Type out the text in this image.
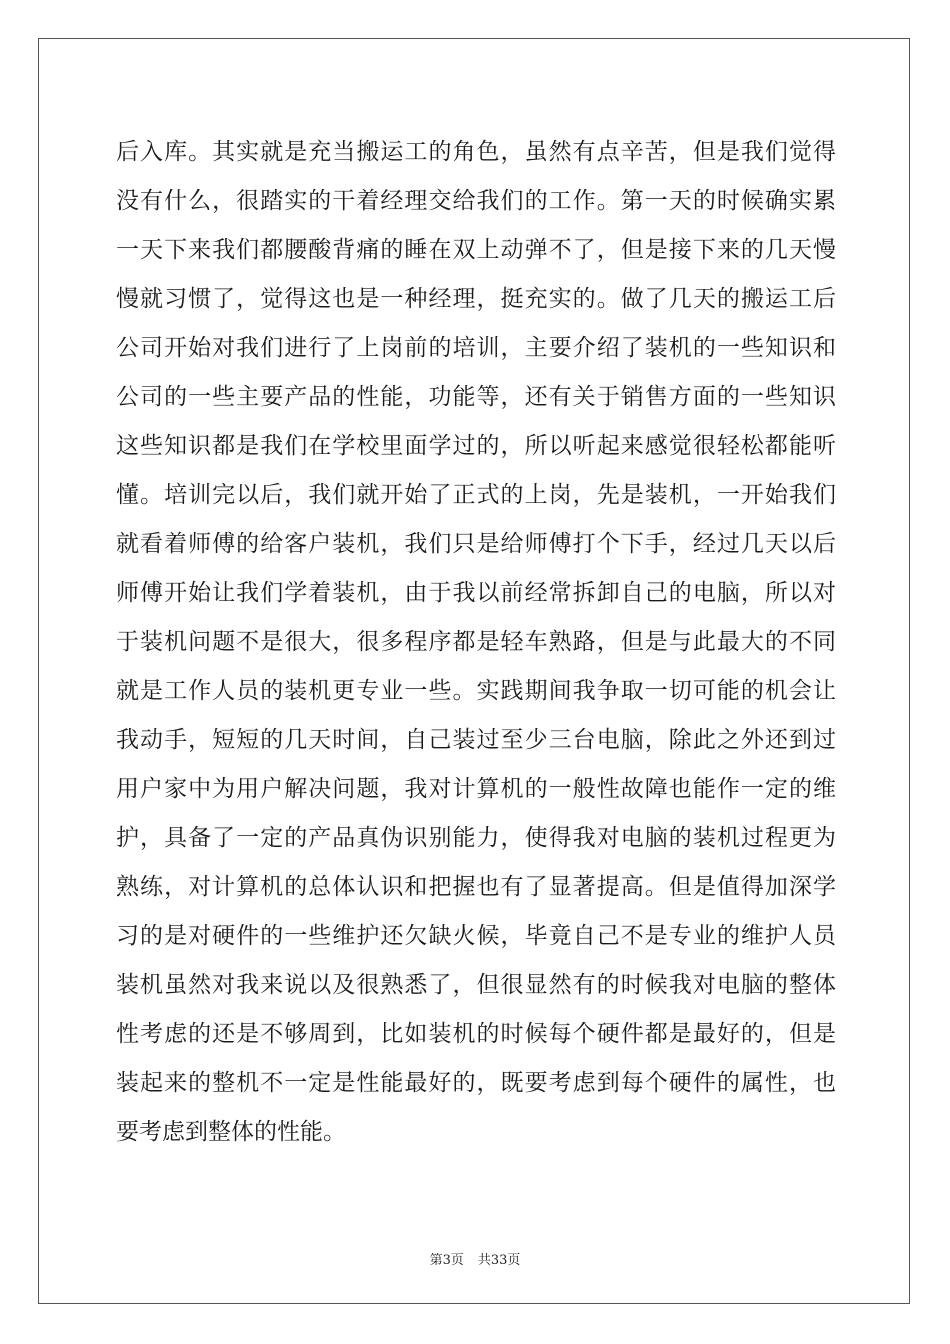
后入库。其实就是充当搬运工的角色，虽然有点辛苦，但是我们觉得
没有什么，很踏实的干着经理交给我们的工作。第一天的时候确实累
一天下来我们都腰酸背痛的睡在双上动弹不了，但是接下来的几天慢
慢就习惯了，觉得这也是一种经理，挺充实的。做了几天的搬运工后
公司开始对我们进行了上岗前的培训，主要介绍了装机的一些知识和
公司的一些主要产品的性能，功能等，还有关于销售方面的一些知识
这些知识都是我们在学校里面学过的，所以听起来感觉很轻松都能听
懂。培训完以后，我们就开始了正式的上岗，先是装机，一开始我们
就看着师傅的给客户装机，我们只是给师傅打个下手，经过几天以后
师傅开始让我们学着装机，由于我以前经常拆卸自己的电脑，所以对
于装机问题不是很大，很多程序都是轻车熟路，但是与此最大的不同
就是工作人员的装机更专业一些。实践期间我争取一切可能的机会让
我动手，短短的几天时间，自己装过至少三台电脑，除此之外还到过
用户家中为用户解决问题，我对计算机的一般性故障也能作一定的维
护，具备了一定的产品真伪识别能力，使得我对电脑的装机过程更为
熟练，对计算机的总体认识和把握也有了显著提高。但是值得加深学
习的是对硬件的一些维护还欠缺火候，毕竟自己不是专业的维护人员
装机虽然对我来说以及很熟悉了，但很显然有的时候我对电脑的整体
性考虑的还是不够周到，比如装机的时候每个硬件都是最好的，但是
装起来的整机不一定是性能最好的，既要考虑到每个硬件的属性，也
要考虑到整体的性能。
第3页 共33页
